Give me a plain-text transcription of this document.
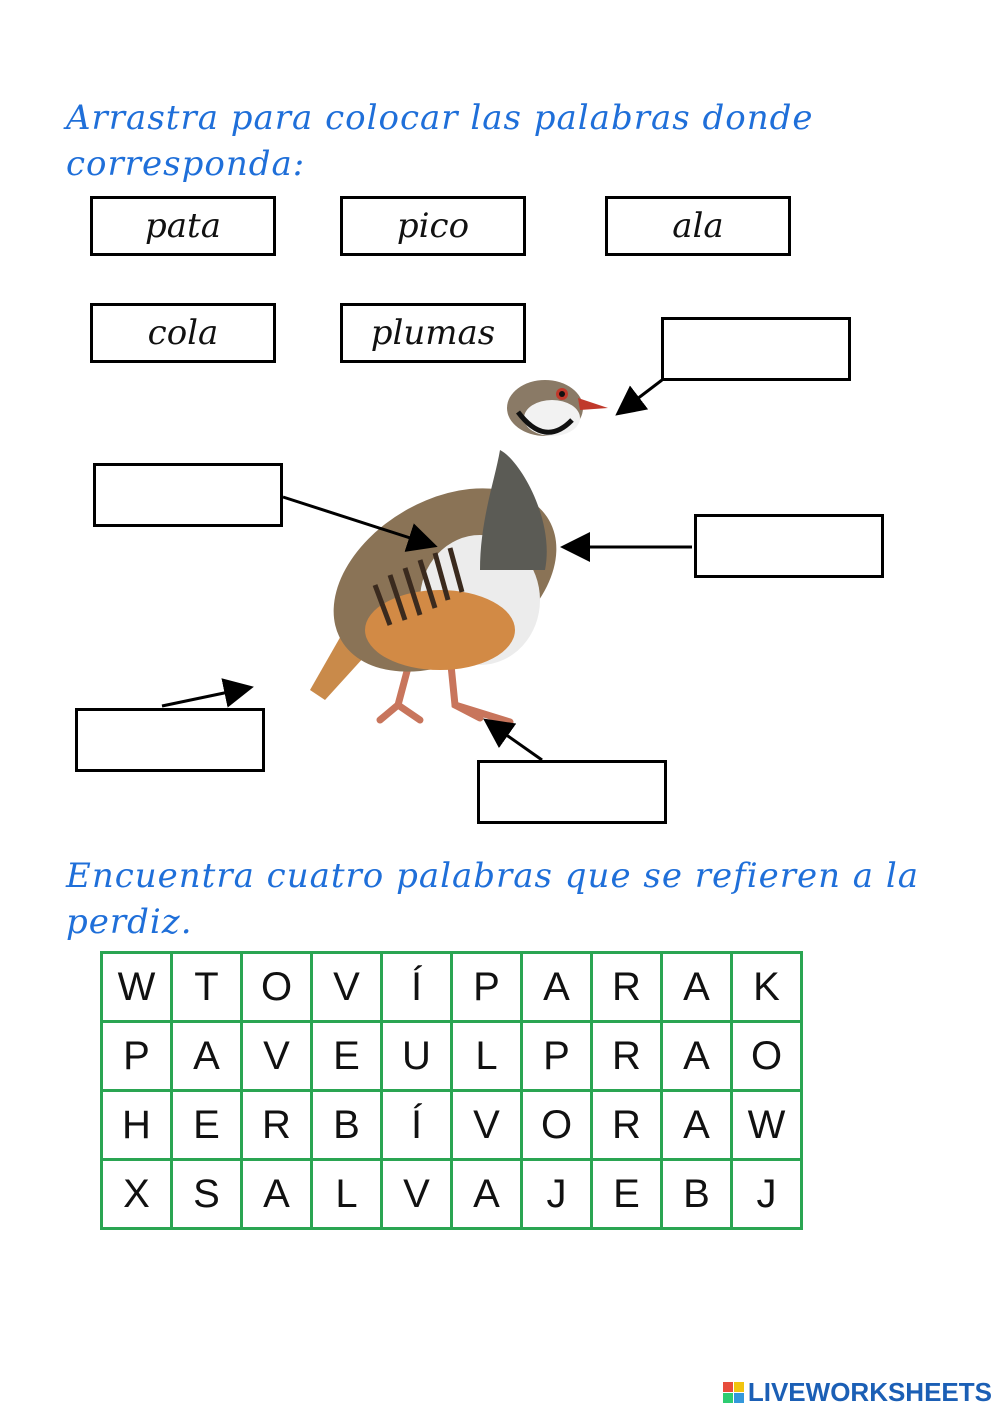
Arrastra para colocar las palabras donde corresponda:
pata	pico	ala
cola	plumas
Encuentra cuatro palabras que se refieren a la perdiz.
W	T	O	V	Í	P	A	R	A	K
P	A	V	E	U	L	P	R	A	O
H	E	R	B	Í	V	O	R	A	W
X	S	A	L	V	A	J	E	B	J
LIVEWORKSHEETS
